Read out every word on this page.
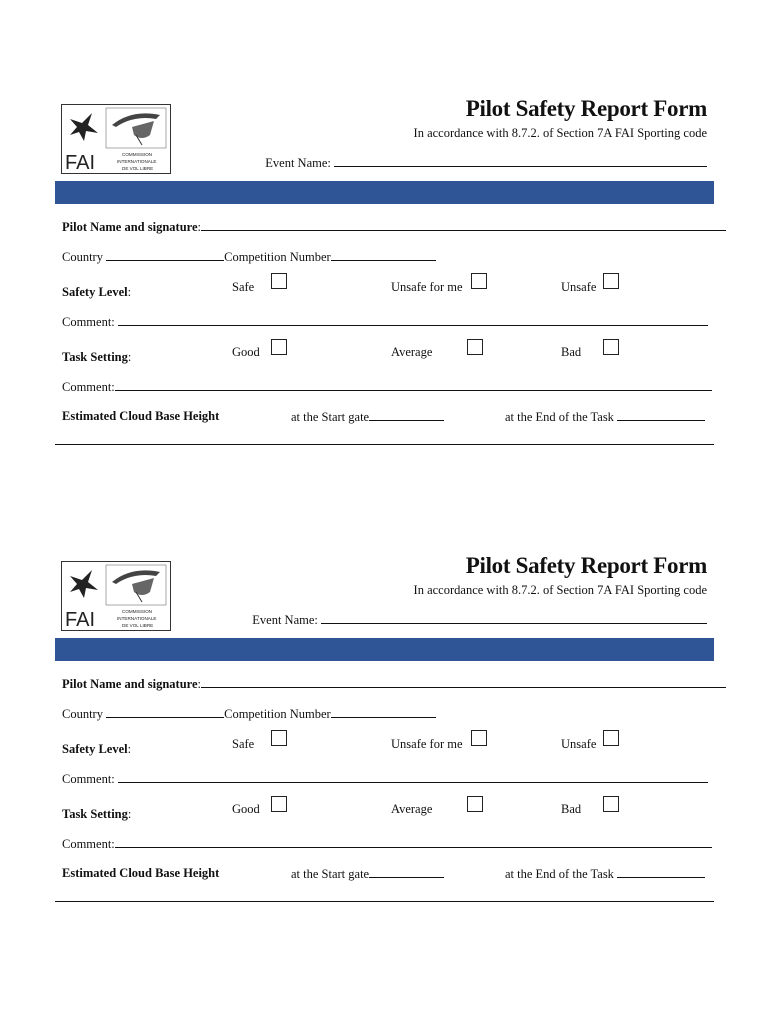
FAI	COMMISSION
INTERNATIONALE
DE VOL LIBRE
Pilot Safety Report Form
In accordance with 8.7.2. of Section 7A FAI Sporting code
Event Name:
Pilot Name and signature:
Country	Competition Number
Safety Level:	Safe	Unsafe for me	Unsafe
Comment:
Task Setting:	Good	Average	Bad
Comment:
Estimated Cloud Base Height	at the Start gate	at the End of the Task
FAI	COMMISSION
INTERNATIONALE
DE VOL LIBRE
Pilot Safety Report Form
In accordance with 8.7.2. of Section 7A FAI Sporting code
Event Name:
Pilot Name and signature:
Country	Competition Number
Safety Level:	Safe	Unsafe for me	Unsafe
Comment:
Task Setting:	Good	Average	Bad
Comment:
Estimated Cloud Base Height	at the Start gate	at the End of the Task
